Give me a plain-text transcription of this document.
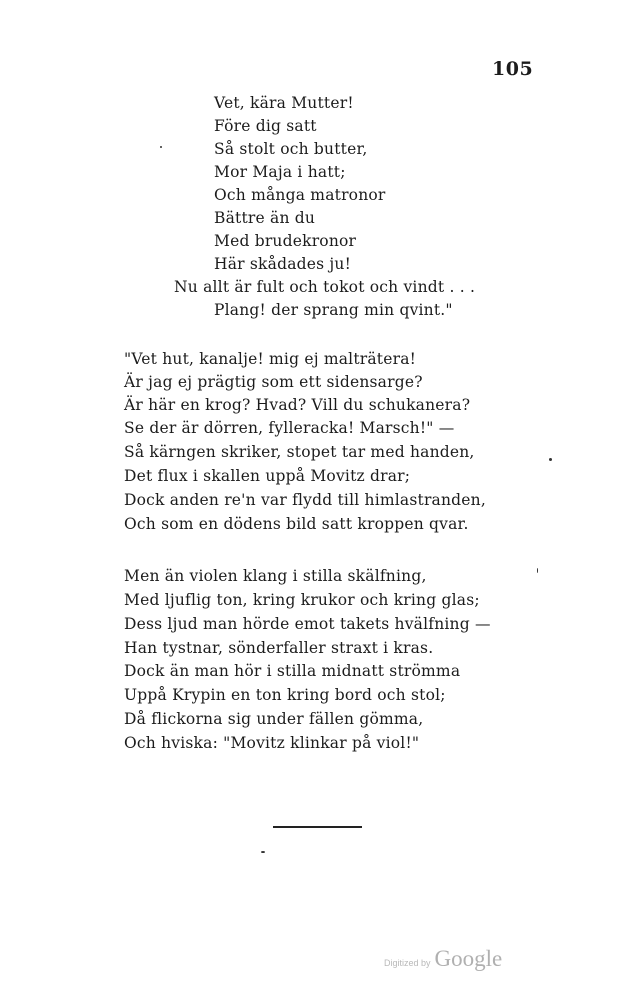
105
Vet, kära Mutter!
Före dig satt
Så stolt och butter,
Mor Maja i hatt;
Och många matronor
Bättre än du
Med brudekronor
Här skådades ju!
Nu allt är fult och tokot och vindt . . .
Plang! der sprang min qvint."
"Vet hut, kanalje! mig ej malträtera!
Är jag ej prägtig som ett sidensarge?
Är här en krog? Hvad? Vill du schukanera?
Se der är dörren, fylleracka! Marsch!" —
Så kärngen skriker, stopet tar med handen,
Det flux i skallen uppå Movitz drar;
Dock anden re'n var flydd till himlastranden,
Och som en dödens bild satt kroppen qvar.
Men än violen klang i stilla skälfning,
Med ljuflig ton, kring krukor och kring glas;
Dess ljud man hörde emot takets hvälfning —
Han tystnar, sönderfaller straxt i kras.
Dock än man hör i stilla midnatt strömma
Uppå Krypin en ton kring bord och stol;
Då flickorna sig under fällen gömma,
Och hviska: "Movitz klinkar på viol!"
Digitized by Google
